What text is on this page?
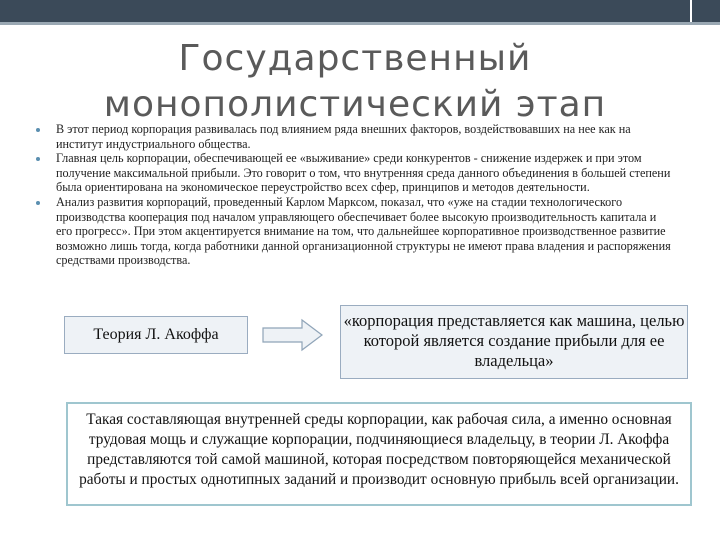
Государственный монополистический этап
В этот период корпорация развивалась под влиянием ряда внешних факторов, воздействовавших на нее как на институт индустриального общества.
Главная цель корпорации, обеспечивающей ее «выживание» среди конкурентов - снижение издержек и при этом получение максимальной прибыли. Это говорит о том, что внутренняя среда данного объединения в большей степени была ориентирована на экономическое переустройство всех сфер, принципов и методов деятельности.
Анализ развития корпораций, проведенный Карлом Марксом, показал, что «уже на стадии технологического производства кооперация под началом управляющего обеспечивает более высокую производительность капитала и его прогресс». При этом акцентируется внимание на том, что дальнейшее корпоративное производственное развитие возможно лишь тогда, когда работники данной организационной структуры не имеют права владения и распоряжения средствами производства.
Теория Л. Акоффа
«корпорация представляется как машина, целью которой является создание прибыли для ее владельца»
Такая составляющая внутренней среды корпорации, как рабочая сила, а именно основная трудовая мощь и служащие корпорации, подчиняющиеся владельцу, в теории Л. Акоффа представляются той самой машиной, которая посредством повторяющейся механической работы и простых однотипных заданий и производит основную прибыль всей организации.
